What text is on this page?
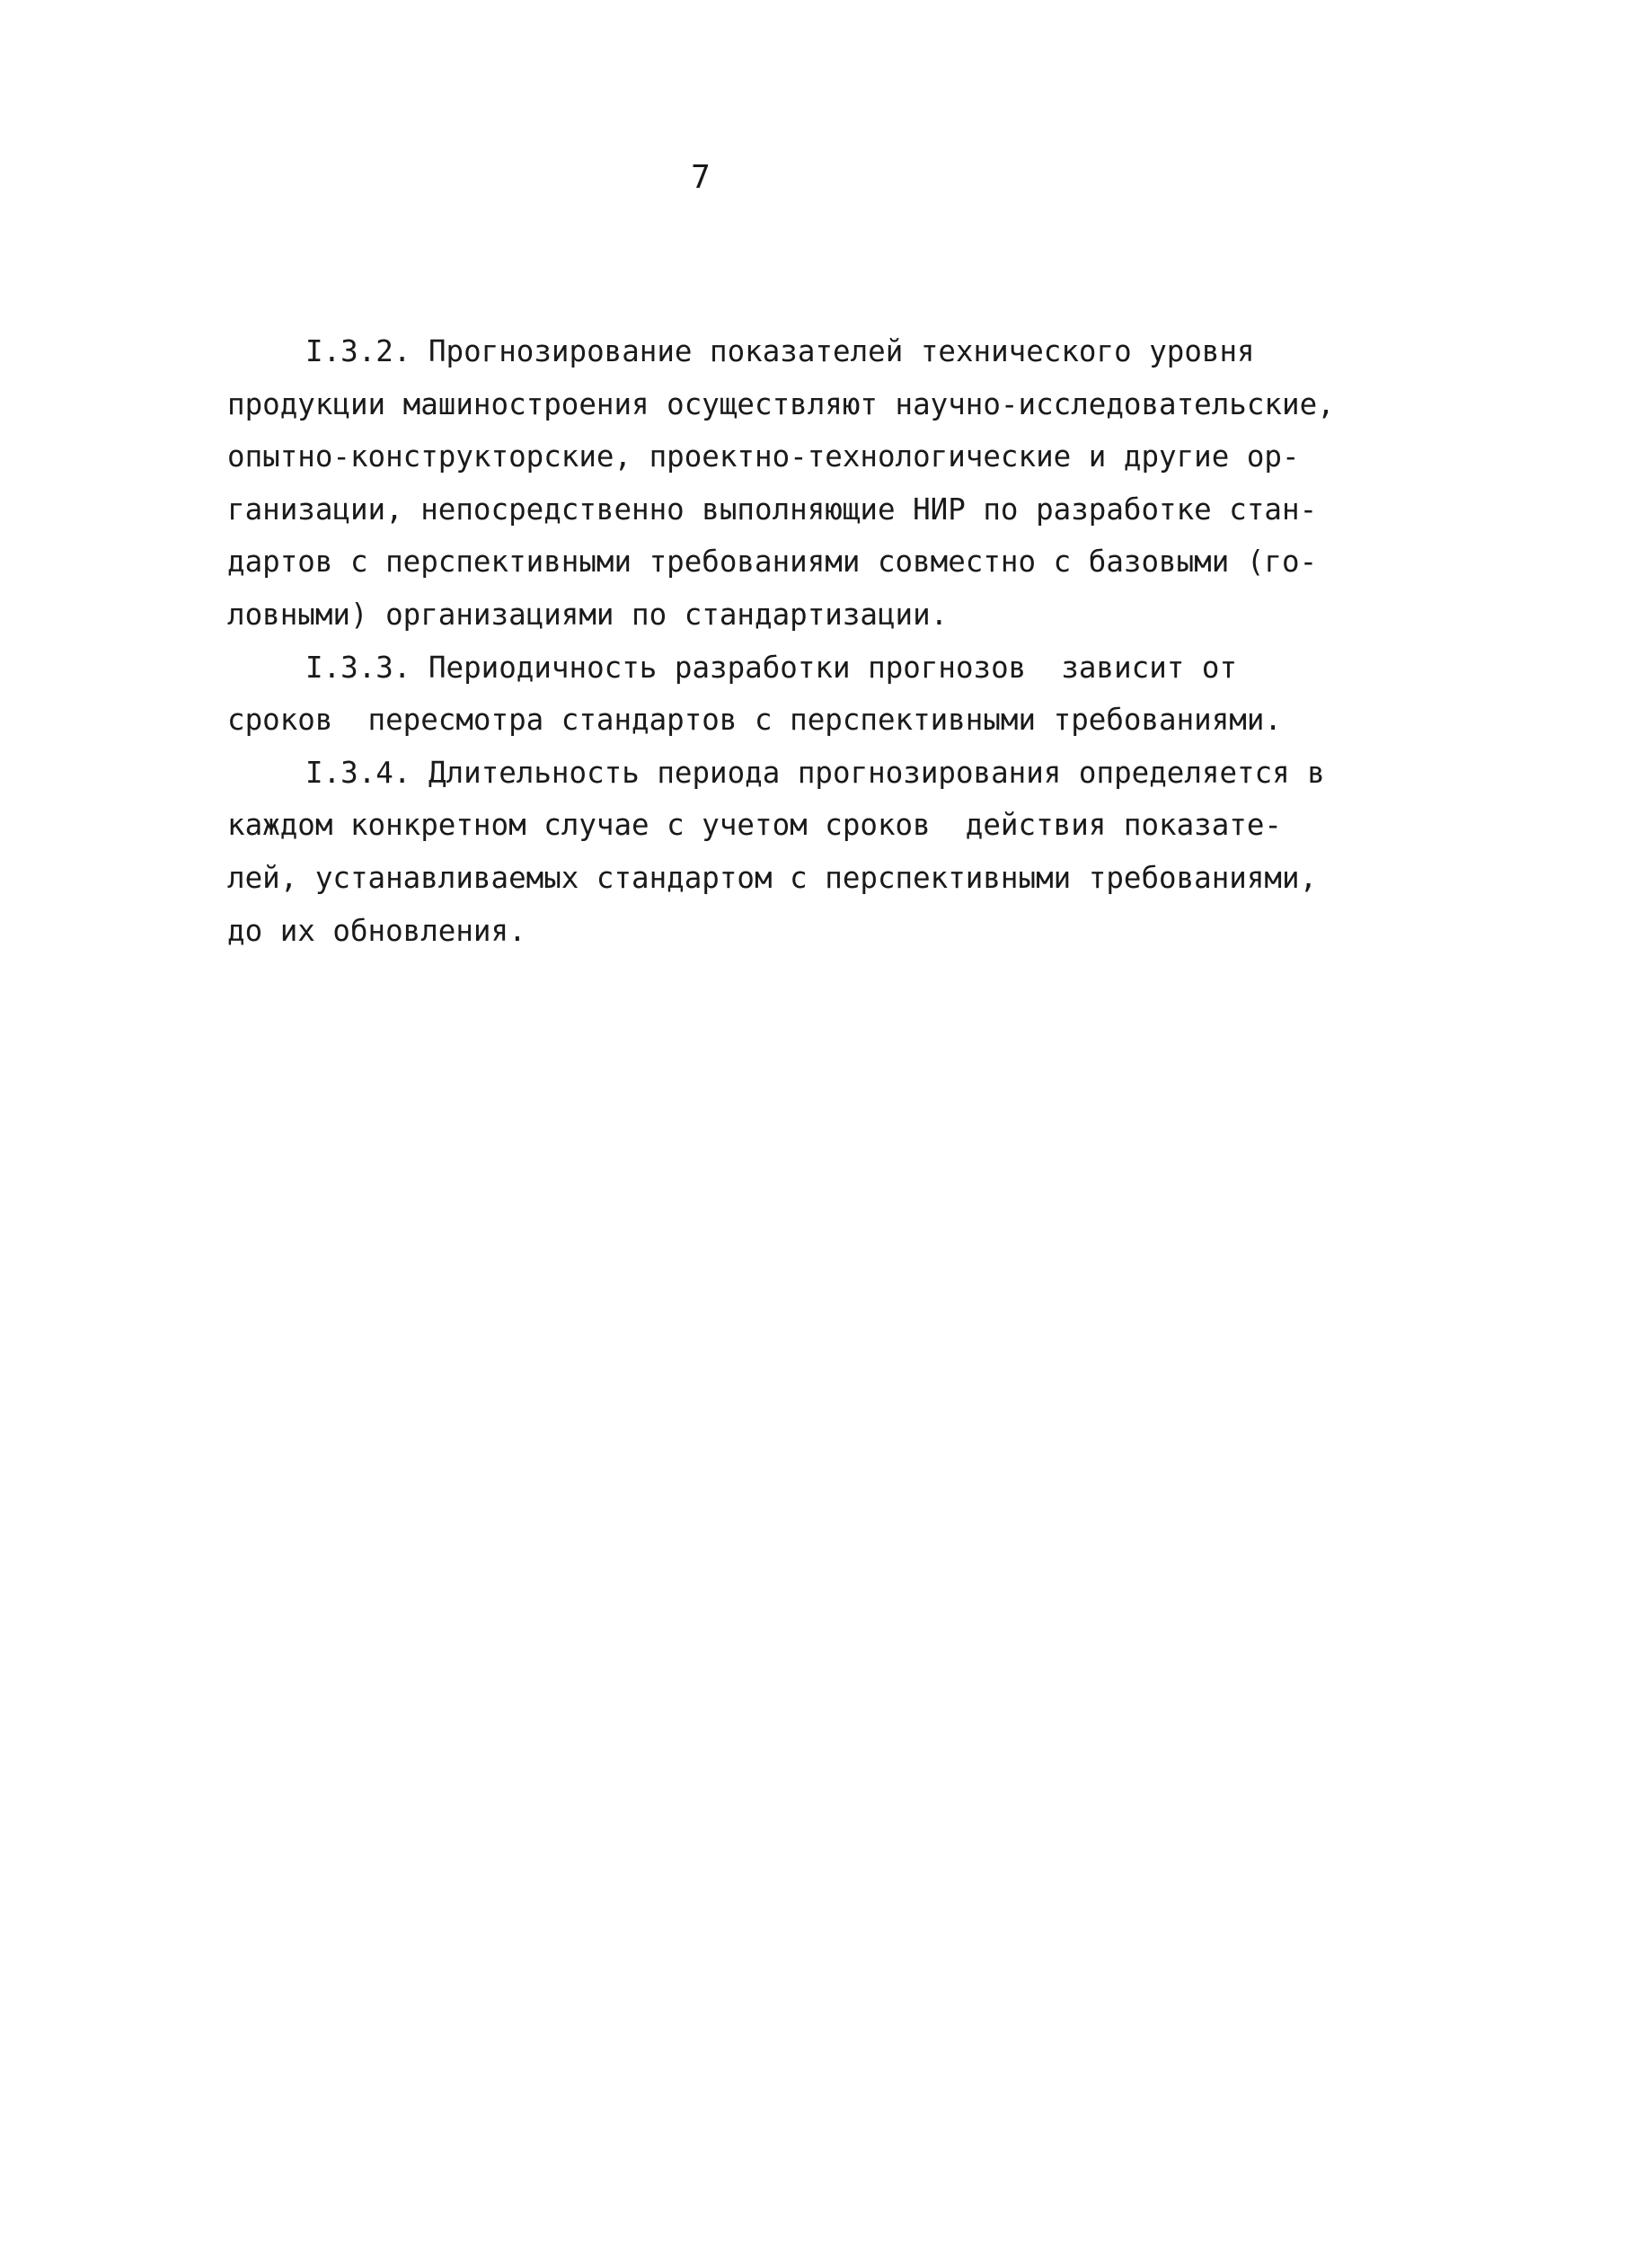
7
I.3.2. Прогнозирование показателей технического уровня
продукции машиностроения осуществляют научно-исследовательские,
опытно-конструкторские, проектно-технологические и другие ор-
ганизации, непосредственно выполняющие НИР по разработке стан-
дартов с перспективными требованиями совместно с базовыми (го-
ловными) организациями по стандартизации.
I.3.3. Периодичность разработки прогнозов  зависит от
сроков  пересмотра стандартов с перспективными требованиями.
I.3.4. Длительность периода прогнозирования определяется в
каждом конкретном случае с учетом сроков  действия показате-
лей, устанавливаемых стандартом с перспективными требованиями,
до их обновления.
